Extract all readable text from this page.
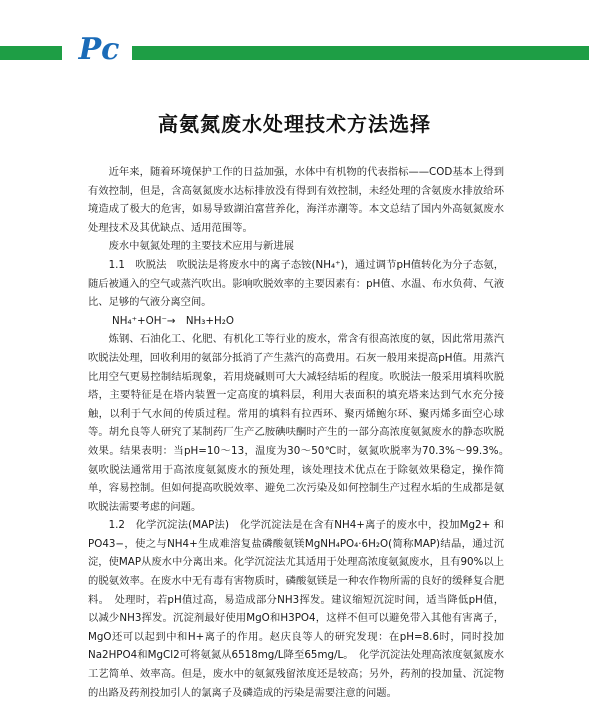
Pc
高氨氮废水处理技术方法选择

近年来，随着环境保护工作的日益加强，水体中有机物的代表指标——COD基本上得到有效控制，但是，含高氨氮废水达标排放没有得到有效控制，未经处理的含氨废水排放给环境造成了极大的危害，如易导致湖泊富营养化，海洋赤潮等。本文总结了国内外高氨氮废水处理技术及其优缺点、适用范围等。

废水中氨氮处理的主要技术应用与新进展

1.1　吹脱法　吹脱法是将废水中的离子态铵(NH₄⁺)，通过调节pH值转化为分子态氨，随后被通入的空气或蒸汽吹出。影响吹脱效率的主要因素有：pH值、水温、布水负荷、气液比、足够的气液分离空间。

NH₄⁺+OH⁻→　NH₃+H₂O

炼钢、石油化工、化肥、有机化工等行业的废水，常含有很高浓度的氨，因此常用蒸汽吹脱法处理，回收利用的氨部分抵消了产生蒸汽的高费用。石灰一般用来提高pH值。用蒸汽比用空气更易控制结垢现象，若用烧碱则可大大减轻结垢的程度。吹脱法一般采用填料吹脱塔，主要特征是在塔内装置一定高度的填料层，利用大表面积的填充塔来达到气水充分接触，以利于气水间的传质过程。常用的填料有拉西环、聚丙烯鲍尔环、聚丙烯多面空心球等。胡允良等人研究了某制药厂生产乙胺碘呋酮时产生的一部分高浓度氨氮废水的静态吹脱效果。结果表明：当pH=10～13，温度为30～50℃时，氨氮吹脱率为70.3%～99.3%。　氨吹脱法通常用于高浓度氨氮废水的预处理，该处理技术优点在于除氨效果稳定，操作简单，容易控制。但如何提高吹脱效率、避免二次污染及如何控制生产过程水垢的生成都是氨吹脱法需要考虑的问题。

1.2　化学沉淀法(MAP法)　化学沉淀法是在含有NH4+离子的废水中，投加Mg2+ 和PO43−，使之与NH4+生成难溶复盐磷酸氨镁MgNH₄PO₄·6H₂O(简称MAP)结晶，通过沉淀，使MAP从废水中分离出来。化学沉淀法尤其适用于处理高浓度氨氮废水，且有90%以上的脱氨效率。在废水中无有毒有害物质时，磷酸氨镁是一种农作物所需的良好的缓释复合肥料。　处理时，若pH值过高，易造成部分NH3挥发。建议缩短沉淀时间，适当降低pH值，以减少NH3挥发。沉淀剂最好使用MgO和H3PO4，这样不但可以避免带入其他有害离子，MgO还可以起到中和H+离子的作用。赵庆良等人的研究发现：在pH=8.6时，同时投加Na2HPO4和MgCl2可将氨氮从6518mg/L降至65mg/L。　化学沉淀法处理高浓度氨氮废水工艺简单、效率高。但是，废水中的氨氮残留浓度还是较高；另外，药剂的投加量、沉淀物的出路及药剂投加引人的氯离子及磷造成的污染是需要注意的问题。
